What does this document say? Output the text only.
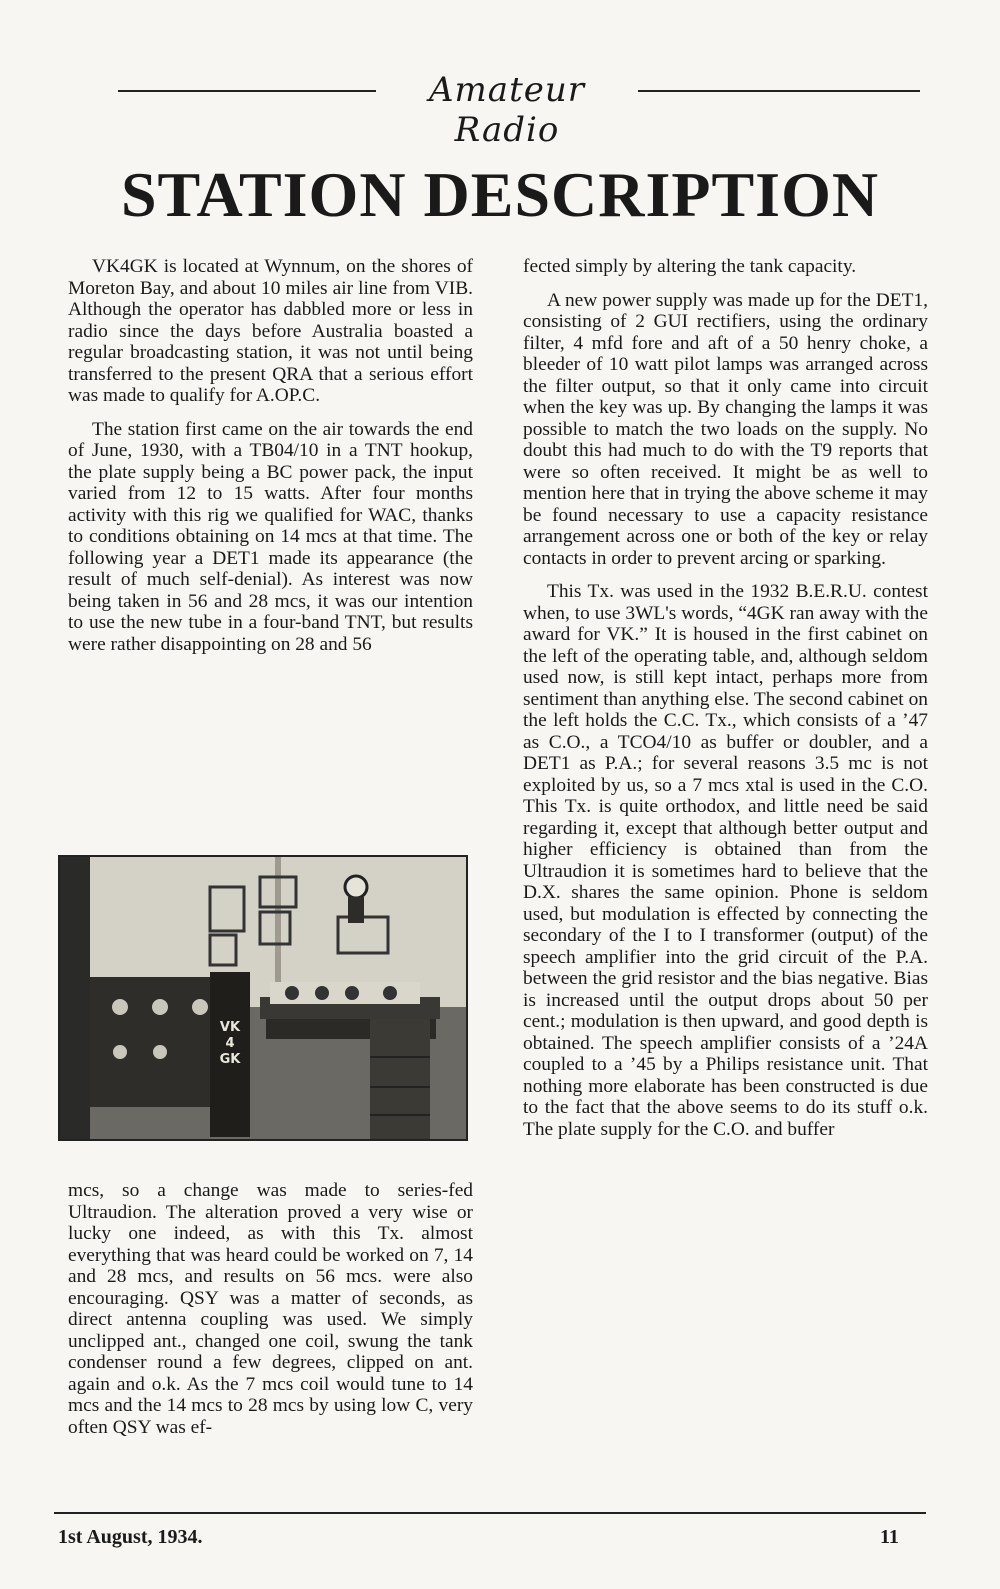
Amateur Radio
STATION DESCRIPTION

VK4GK is located at Wynnum, on the shores of Moreton Bay, and about 10 miles air line from VIB. Although the operator has dabbled more or less in radio since the days before Australia boasted a regular broadcasting station, it was not until being transferred to the present QRA that a serious effort was made to qualify for A.OP.C.

The station first came on the air towards the end of June, 1930, with a TB04/10 in a TNT hookup, the plate supply being a BC power pack, the input varied from 12 to 15 watts. After four months activity with this rig we qualified for WAC, thanks to conditions obtaining on 14 mcs at that time. The following year a DET1 made its appearance (the result of much self-denial). As interest was now being taken in 56 and 28 mcs, it was our intention to use the new tube in a four-band TNT, but results were rather disappointing on 28 and 56

VK
4
GK

mcs, so a change was made to series-fed Ultraudion. The alteration proved a very wise or lucky one indeed, as with this Tx. almost everything that was heard could be worked on 7, 14 and 28 mcs, and results on 56 mcs. were also encouraging. QSY was a matter of seconds, as direct antenna coupling was used. We simply unclipped ant., changed one coil, swung the tank condenser round a few degrees, clipped on ant. again and o.k. As the 7 mcs coil would tune to 14 mcs and the 14 mcs to 28 mcs by using low C, very often QSY was ef-

fected simply by altering the tank capacity.

A new power supply was made up for the DET1, consisting of 2 GUI rectifiers, using the ordinary filter, 4 mfd fore and aft of a 50 henry choke, a bleeder of 10 watt pilot lamps was arranged across the filter output, so that it only came into circuit when the key was up. By changing the lamps it was possible to match the two loads on the supply. No doubt this had much to do with the T9 reports that were so often received. It might be as well to mention here that in trying the above scheme it may be found necessary to use a capacity resistance arrangement across one or both of the key or relay contacts in order to prevent arcing or sparking.

This Tx. was used in the 1932 B.E.R.U. contest when, to use 3WL's words, “4GK ran away with the award for VK.” It is housed in the first cabinet on the left of the operating table, and, although seldom used now, is still kept intact, perhaps more from sentiment than anything else. The second cabinet on the left holds the C.C. Tx., which consists of a ’47 as C.O., a TCO4/10 as buffer or doubler, and a DET1 as P.A.; for several reasons 3.5 mc is not exploited by us, so a 7 mcs xtal is used in the C.O. This Tx. is quite orthodox, and little need be said regarding it, except that although better output and higher efficiency is obtained than from the Ultraudion it is sometimes hard to believe that the D.X. shares the same opinion. Phone is seldom used, but modulation is effected by connecting the secondary of the I to I transformer (output) of the speech amplifier into the grid circuit of the P.A. between the grid resistor and the bias negative. Bias is increased until the output drops about 50 per cent.; modulation is then upward, and good depth is obtained. The speech amplifier consists of a ’24A coupled to a ’45 by a Philips resistance unit. That nothing more elaborate has been constructed is due to the fact that the above seems to do its stuff o.k. The plate supply for the C.O. and buffer

1st August, 1934.	11
